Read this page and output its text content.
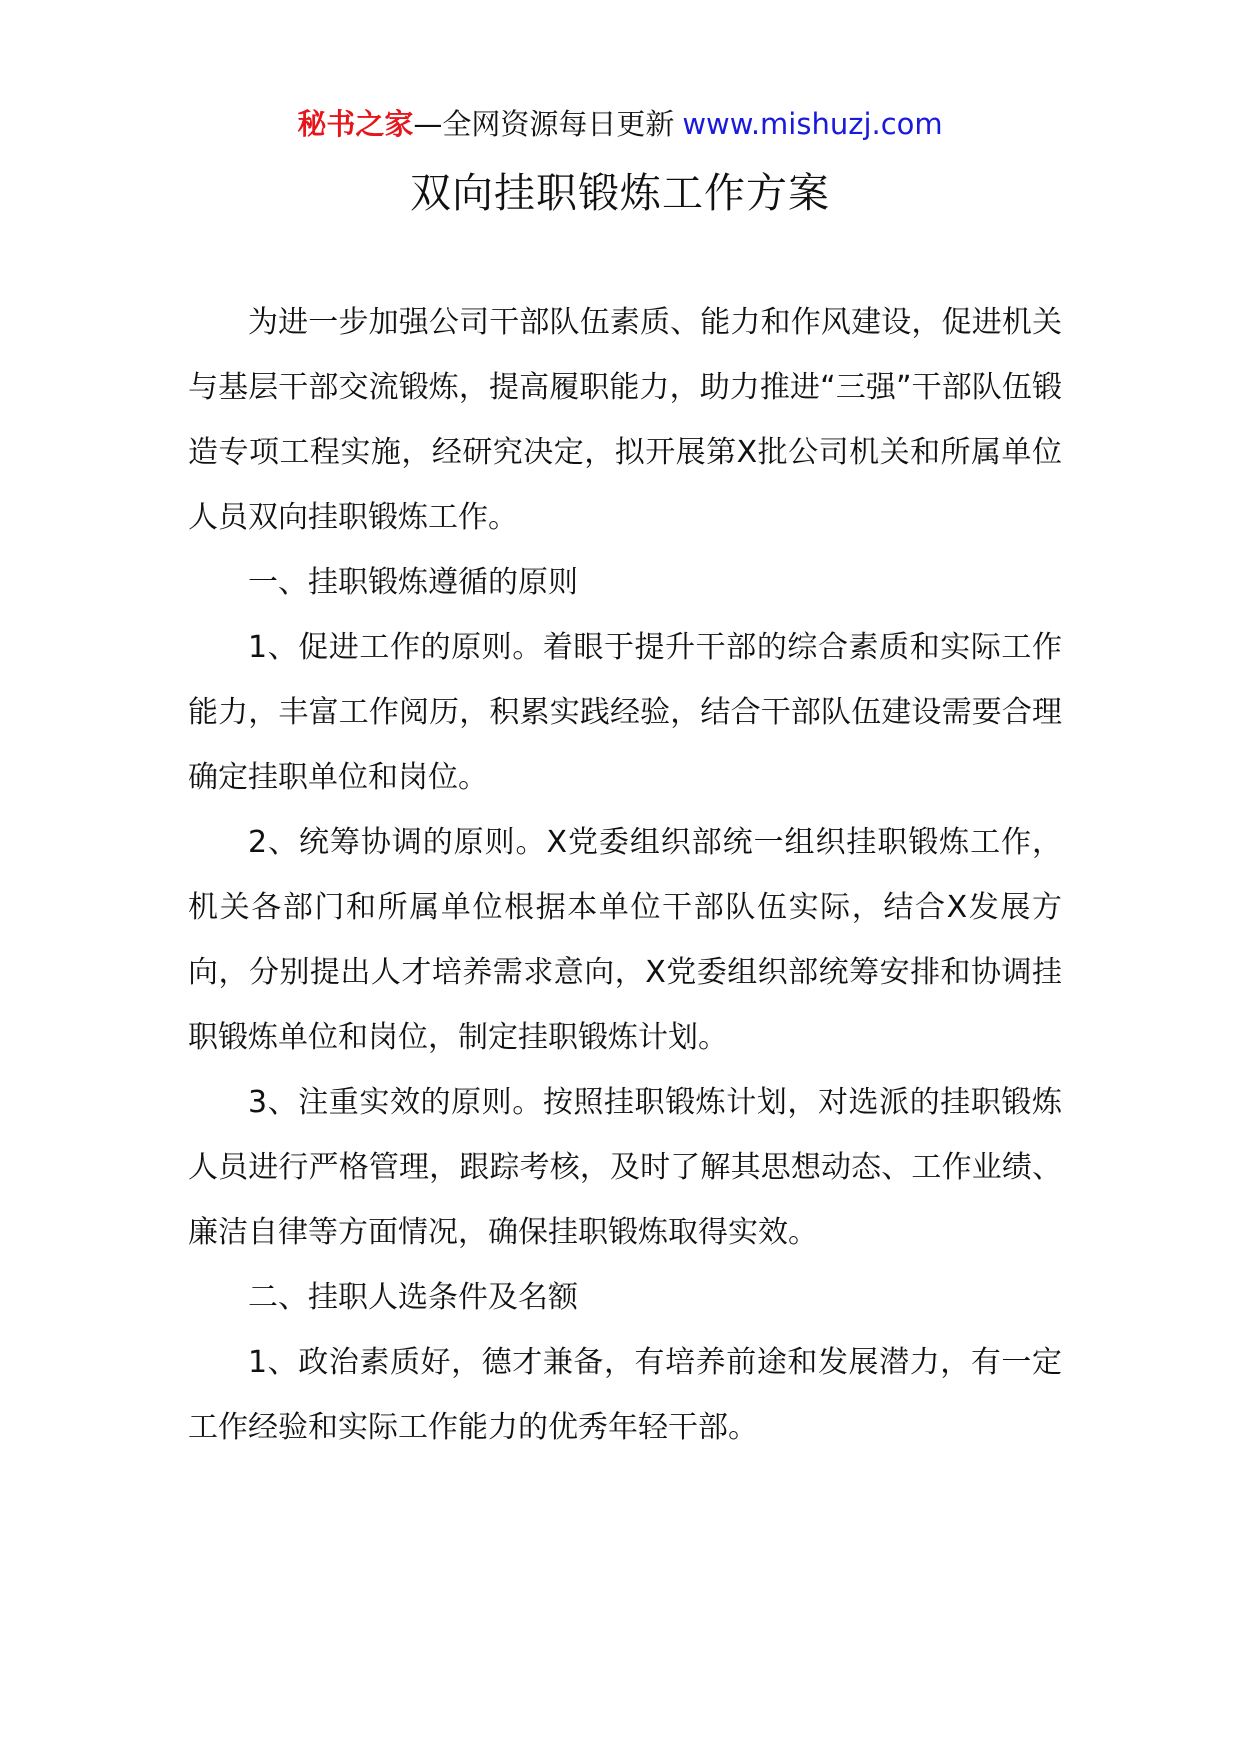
秘书之家—全网资源每日更新 www.mishuzj.com
双向挂职锻炼工作方案

为进一步加强公司干部队伍素质、能力和作风建设，促进机关与基层干部交流锻炼，提高履职能力，助力推进“三强”干部队伍锻造专项工程实施，经研究决定，拟开展第X批公司机关和所属单位人员双向挂职锻炼工作。

一、挂职锻炼遵循的原则

1、促进工作的原则。着眼于提升干部的综合素质和实际工作能力，丰富工作阅历，积累实践经验，结合干部队伍建设需要合理确定挂职单位和岗位。

2、统筹协调的原则。X党委组织部统一组织挂职锻炼工作，机关各部门和所属单位根据本单位干部队伍实际，结合X发展方向，分别提出人才培养需求意向，X党委组织部统筹安排和协调挂职锻炼单位和岗位，制定挂职锻炼计划。

3、注重实效的原则。按照挂职锻炼计划，对选派的挂职锻炼人员进行严格管理，跟踪考核，及时了解其思想动态、工作业绩、廉洁自律等方面情况，确保挂职锻炼取得实效。

二、挂职人选条件及名额

1、政治素质好，德才兼备，有培养前途和发展潜力，有一定工作经验和实际工作能力的优秀年轻干部。
